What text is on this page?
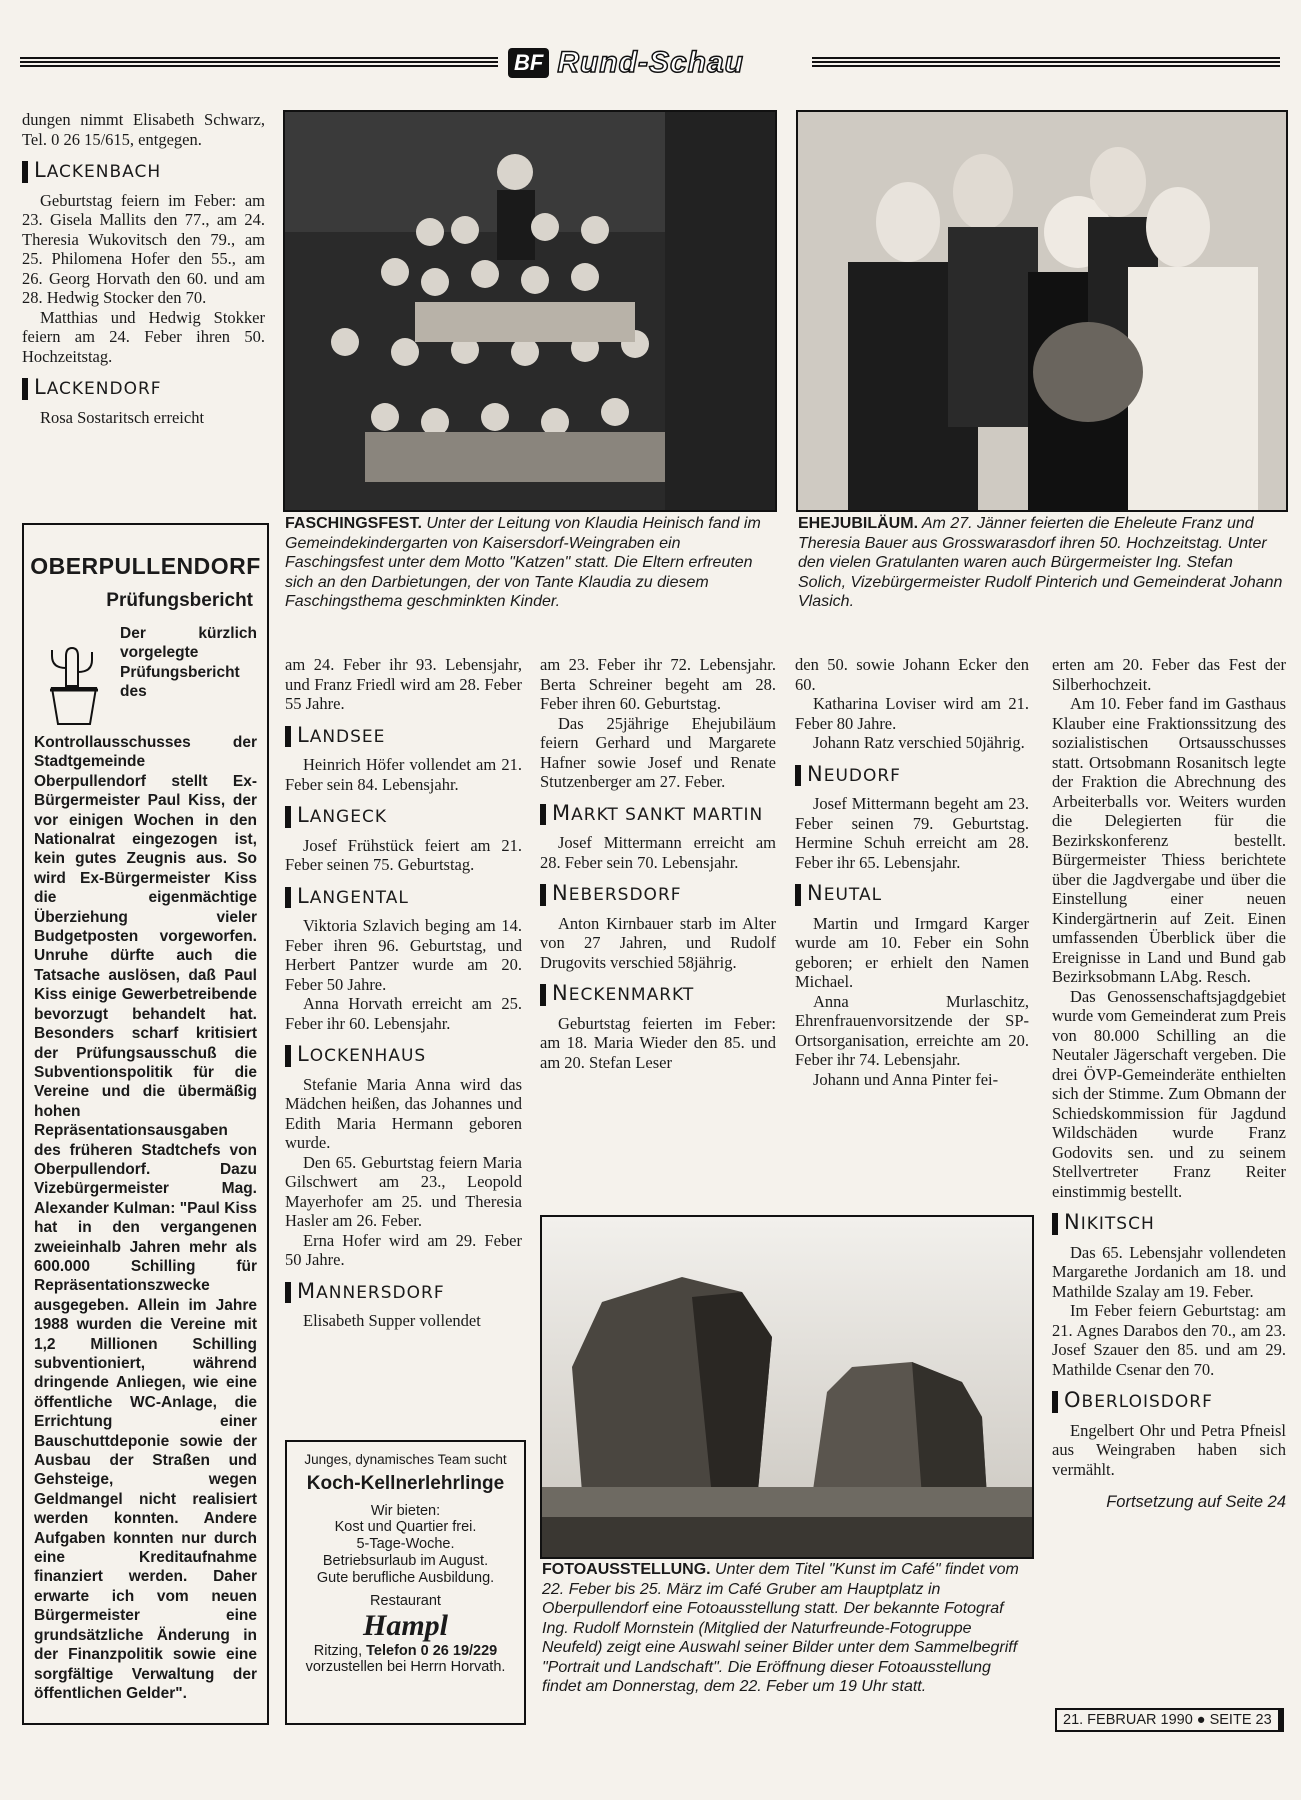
BF Rund-Schau

dungen nimmt Elisabeth Schwarz, Tel. 0 26 15/615, entgegen.

LACKENBACH

Geburtstag feiern im Feber: am 23. Gisela Mallits den 77., am 24. Theresia Wukovitsch den 79., am 25. Philomena Hofer den 55., am 26. Georg Horvath den 60. und am 28. Hedwig Stocker den 70.

Matthias und Hedwig Stokker feiern am 24. Feber ihren 50. Hochzeitstag.

LACKENDORF

Rosa Sostaritsch erreicht

FASCHINGSFEST. Unter der Leitung von Klaudia Heinisch fand im Gemeindekindergarten von Kaisersdorf-Weingraben ein Faschingsfest unter dem Motto "Katzen" statt. Die Eltern erfreuten sich an den Darbietungen, der von Tante Klaudia zu diesem Faschingsthema geschminkten Kinder.
EHEJUBILÄUM. Am 27. Jänner feierten die Eheleute Franz und Theresia Bauer aus Grosswarasdorf ihren 50. Hochzeitstag. Unter den vielen Gratulanten waren auch Bürgermeister Ing. Stefan Solich, Vizebürgermeister Rudolf Pinterich und Gemeinderat Johann Vlasich.
OBERPULLENDORF
Prüfungsbericht
Der kürzlich vorgelegte Prüfungsbericht des Kontrollausschusses der Stadtgemeinde Oberpullendorf stellt Ex-Bürgermeister Paul Kiss, der vor einigen Wochen in den Nationalrat eingezogen ist, kein gutes Zeugnis aus. So wird Ex-Bürgermeister Kiss die eigenmächtige Überziehung vieler Budgetposten vorgeworfen. Unruhe dürfte auch die Tatsache auslösen, daß Paul Kiss einige Gewerbetreibende bevorzugt behandelt hat. Besonders scharf kritisiert der Prüfungsausschuß die Subventionspolitik für die Vereine und die übermäßig hohen Repräsentationsausgaben des früheren Stadtchefs von Oberpullendorf. Dazu Vizebürgermeister Mag. Alexander Kulman: "Paul Kiss hat in den vergangenen zweieinhalb Jahren mehr als 600.000 Schilling für Repräsentationszwecke ausgegeben. Allein im Jahre 1988 wurden die Vereine mit 1,2 Millionen Schilling subventioniert, während dringende Anliegen, wie eine öffentliche WC-Anlage, die Errichtung einer Bauschuttdeponie sowie der Ausbau der Straßen und Gehsteige, wegen Geldmangel nicht realisiert werden konnten. Andere Aufgaben konnten nur durch eine Kreditaufnahme finanziert werden. Daher erwarte ich vom neuen Bürgermeister eine grundsätzliche Änderung in der Finanzpolitik sowie eine sorgfältige Verwaltung der öffentlichen Gelder".

am 24. Feber ihr 93. Lebensjahr, und Franz Friedl wird am 28. Feber 55 Jahre.

LANDSEE

Heinrich Höfer vollendet am 21. Feber sein 84. Lebensjahr.

LANGECK

Josef Frühstück feiert am 21. Feber seinen 75. Geburtstag.

LANGENTAL

Viktoria Szlavich beging am 14. Feber ihren 96. Geburtstag, und Herbert Pantzer wurde am 20. Feber 50 Jahre.

Anna Horvath erreicht am 25. Feber ihr 60. Lebensjahr.

LOCKENHAUS

Stefanie Maria Anna wird das Mädchen heißen, das Johannes und Edith Maria Hermann geboren wurde.

Den 65. Geburtstag feiern Maria Gilschwert am 23., Leopold Mayerhofer am 25. und Theresia Hasler am 26. Feber.

Erna Hofer wird am 29. Feber 50 Jahre.

MANNERSDORF

Elisabeth Supper vollendet

Junges, dynamisches Team sucht
Koch-Kellnerlehrlinge
Wir bieten:
Kost und Quartier frei.
5-Tage-Woche.
Betriebsurlaub im August.
Gute berufliche Ausbildung.
Restaurant
Hampl
Ritzing, Telefon 0 26 19/229
vorzustellen bei Herrn Horvath.

am 23. Feber ihr 72. Lebensjahr. Berta Schreiner begeht am 28. Feber ihren 60. Geburtstag.

Das 25jährige Ehejubiläum feiern Gerhard und Margarete Hafner sowie Josef und Renate Stutzenberger am 27. Feber.

MARKT SANKT MARTIN

Josef Mittermann erreicht am 28. Feber sein 70. Lebensjahr.

NEBERSDORF

Anton Kirnbauer starb im Alter von 27 Jahren, und Rudolf Drugovits verschied 58jährig.

NECKENMARKT

Geburtstag feierten im Feber: am 18. Maria Wieder den 85. und am 20. Stefan Leser

den 50. sowie Johann Ecker den 60.

Katharina Loviser wird am 21. Feber 80 Jahre.

Johann Ratz verschied 50jährig.

NEUDORF

Josef Mittermann begeht am 23. Feber seinen 79. Geburtstag. Hermine Schuh erreicht am 28. Feber ihr 65. Lebensjahr.

NEUTAL

Martin und Irmgard Karger wurde am 10. Feber ein Sohn geboren; er erhielt den Namen Michael.

Anna Murlaschitz, Ehrenfrauenvorsitzende der SP-Ortsorganisation, erreichte am 20. Feber ihr 74. Lebensjahr.

Johann und Anna Pinter fei-

FOTOAUSSTELLUNG. Unter dem Titel "Kunst im Café" findet vom 22. Feber bis 25. März im Café Gruber am Hauptplatz in Oberpullendorf eine Fotoausstellung statt. Der bekannte Fotograf Ing. Rudolf Mornstein (Mitglied der Naturfreunde-Fotogruppe Neufeld) zeigt eine Auswahl seiner Bilder unter dem Sammelbegriff "Portrait und Landschaft". Die Eröffnung dieser Fotoausstellung findet am Donnerstag, dem 22. Feber um 19 Uhr statt.

erten am 20. Feber das Fest der Silberhochzeit.

Am 10. Feber fand im Gasthaus Klauber eine Fraktionssitzung des sozialistischen Ortsausschusses statt. Ortsobmann Rosanitsch legte der Fraktion die Abrechnung des Arbeiterballs vor. Weiters wurden die Delegierten für die Bezirkskonferenz bestellt. Bürgermeister Thiess berichtete über die Jagdvergabe und über die Einstellung einer neuen Kindergärtnerin auf Zeit. Einen umfassenden Überblick über die Ereignisse in Land und Bund gab Bezirksobmann LAbg. Resch.

Das Genossenschaftsjagdgebiet wurde vom Gemeinderat zum Preis von 80.000 Schilling an die Neutaler Jägerschaft vergeben. Die drei ÖVP-Gemeinderäte enthielten sich der Stimme. Zum Obmann der Schiedskommission für Jagdund Wildschäden wurde Franz Godovits sen. und zu seinem Stellvertreter Franz Reiter einstimmig bestellt.

NIKITSCH

Das 65. Lebensjahr vollendeten Margarethe Jordanich am 18. und Mathilde Szalay am 19. Feber.

Im Feber feiern Geburtstag: am 21. Agnes Darabos den 70., am 23. Josef Szauer den 85. und am 29. Mathilde Csenar den 70.

OBERLOISDORF

Engelbert Ohr und Petra Pfneisl aus Weingraben haben sich vermählt.

Fortsetzung auf Seite 24

21. FEBRUAR 1990 ● SEITE 23
